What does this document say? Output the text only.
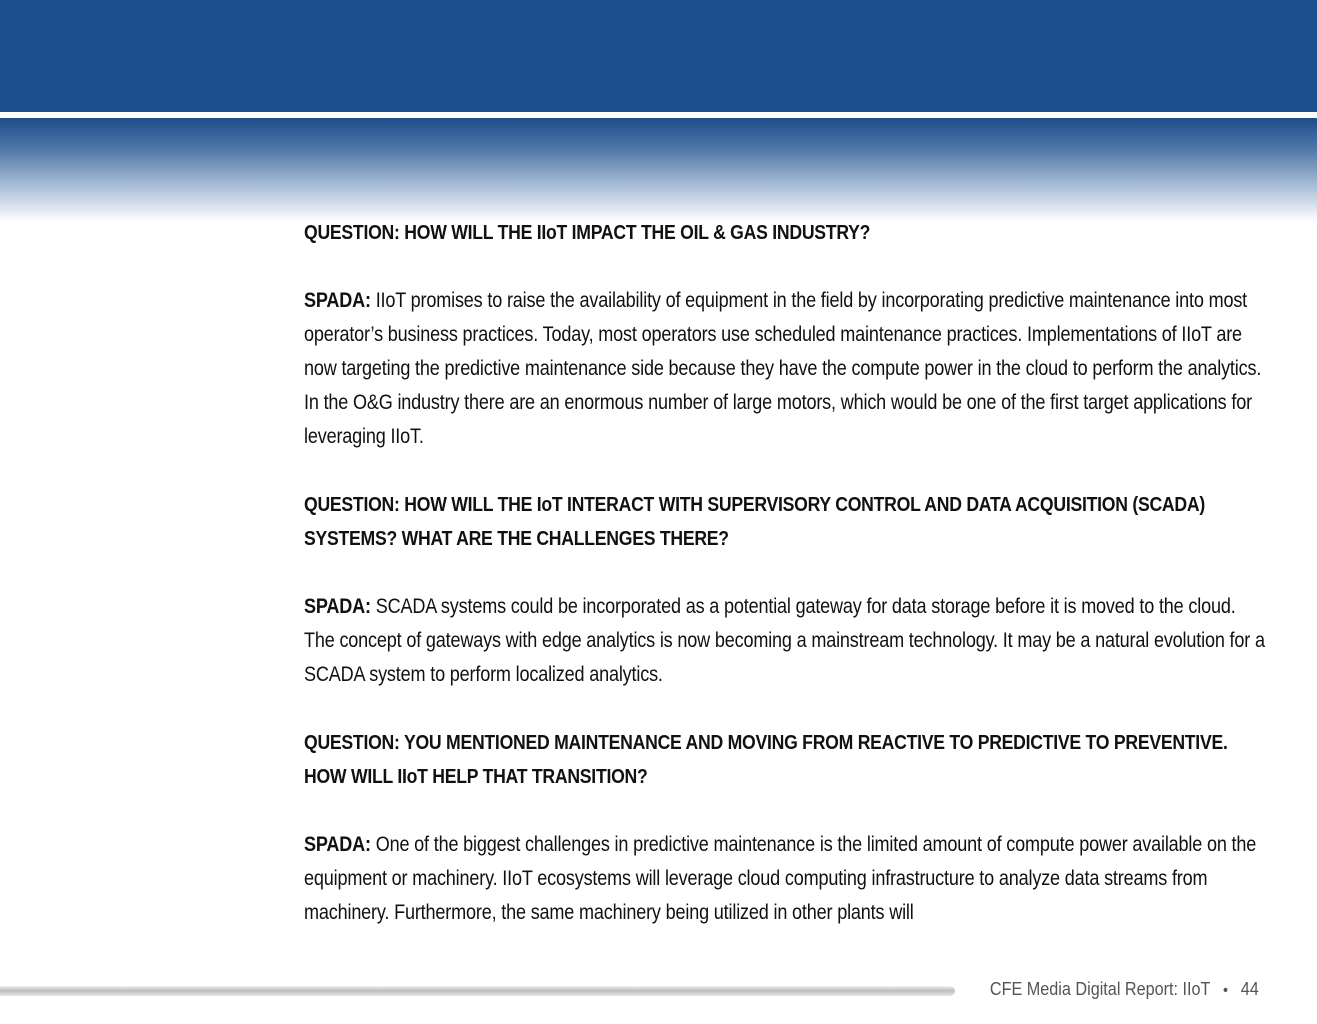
QUESTION: HOW WILL THE IIoT IMPACT THE OIL & GAS INDUSTRY?

SPADA: IIoT promises to raise the availability of equipment in the field by incorporating predictive maintenance into most operator’s business practices. Today, most operators use scheduled maintenance practices. Implementations of IIoT are now targeting the predictive maintenance side because they have the compute power in the cloud to perform the analytics. In the O&G industry there are an enormous number of large motors, which would be one of the first target applications for leveraging IIoT.

QUESTION: HOW WILL THE IoT INTERACT WITH SUPERVISORY CONTROL AND DATA ACQUISITION (SCADA) SYSTEMS? WHAT ARE THE CHALLENGES THERE?

SPADA: SCADA systems could be incorporated as a potential gateway for data storage before it is moved to the cloud. The concept of gateways with edge analytics is now becoming a mainstream technology. It may be a natural evolution for a SCADA system to perform localized analytics.

QUESTION: YOU MENTIONED MAINTENANCE AND MOVING FROM REACTIVE TO PREDICTIVE TO PREVENTIVE. HOW WILL IIoT HELP THAT TRANSITION?

SPADA: One of the biggest challenges in predictive maintenance is the limited amount of compute power available on the equipment or machinery. IIoT ecosystems will leverage cloud computing infrastructure to analyze data streams from machinery. Furthermore, the same machinery being utilized in other plants will

CFE Media Digital Report: IIoT • 44
